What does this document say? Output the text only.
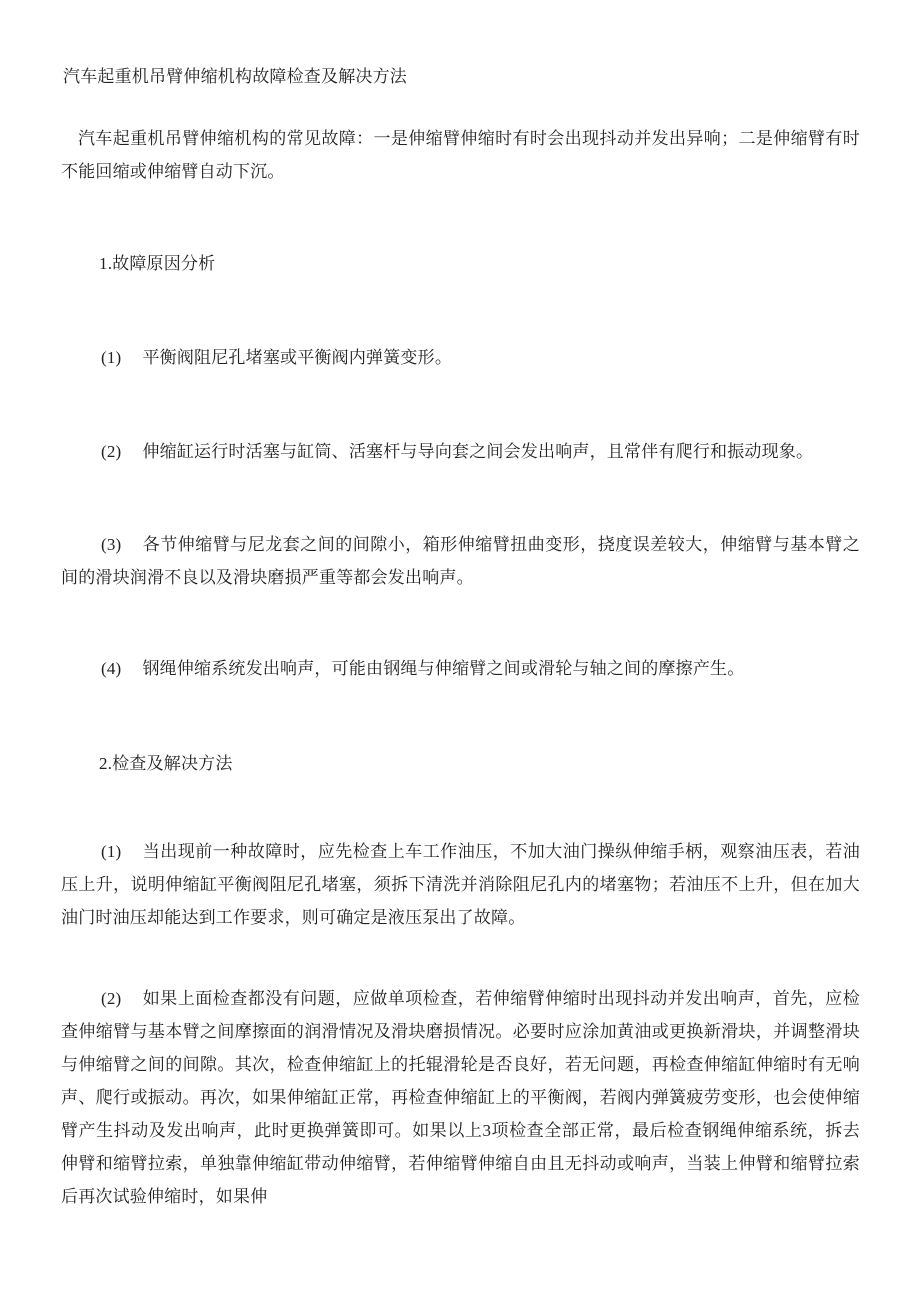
汽车起重机吊臂伸缩机构故障检查及解决方法

汽车起重机吊臂伸缩机构的常见故障：一是伸缩臂伸缩时有时会出现抖动并发出异响；二是伸缩臂有时不能回缩或伸缩臂自动下沉。

1.故障原因分析

(1) 平衡阀阻尼孔堵塞或平衡阀内弹簧变形。

(2) 伸缩缸运行时活塞与缸筒、活塞杆与导向套之间会发出响声，且常伴有爬行和振动现象。

(3) 各节伸缩臂与尼龙套之间的间隙小，箱形伸缩臂扭曲变形，挠度误差较大，伸缩臂与基本臂之间的滑块润滑不良以及滑块磨损严重等都会发出响声。

(4) 钢绳伸缩系统发出响声，可能由钢绳与伸缩臂之间或滑轮与轴之间的摩擦产生。

2.检查及解决方法

(1) 当出现前一种故障时，应先检查上车工作油压，不加大油门操纵伸缩手柄，观察油压表，若油压上升，说明伸缩缸平衡阀阻尼孔堵塞，须拆下清洗并消除阻尼孔内的堵塞物；若油压不上升，但在加大油门时油压却能达到工作要求，则可确定是液压泵出了故障。

(2) 如果上面检查都没有问题，应做单项检查，若伸缩臂伸缩时出现抖动并发出响声，首先，应检查伸缩臂与基本臂之间摩擦面的润滑情况及滑块磨损情况。必要时应涂加黄油或更换新滑块，并调整滑块与伸缩臂之间的间隙。其次，检查伸缩缸上的托辊滑轮是否良好，若无问题，再检查伸缩缸伸缩时有无响声、爬行或振动。再次，如果伸缩缸正常，再检查伸缩缸上的平衡阀，若阀内弹簧疲劳变形，也会使伸缩臂产生抖动及发出响声，此时更换弹簧即可。如果以上3项检查全部正常，最后检查钢绳伸缩系统，拆去伸臂和缩臂拉索，单独靠伸缩缸带动伸缩臂，若伸缩臂伸缩自由且无抖动或响声，当装上伸臂和缩臂拉索后再次试验伸缩时，如果伸
